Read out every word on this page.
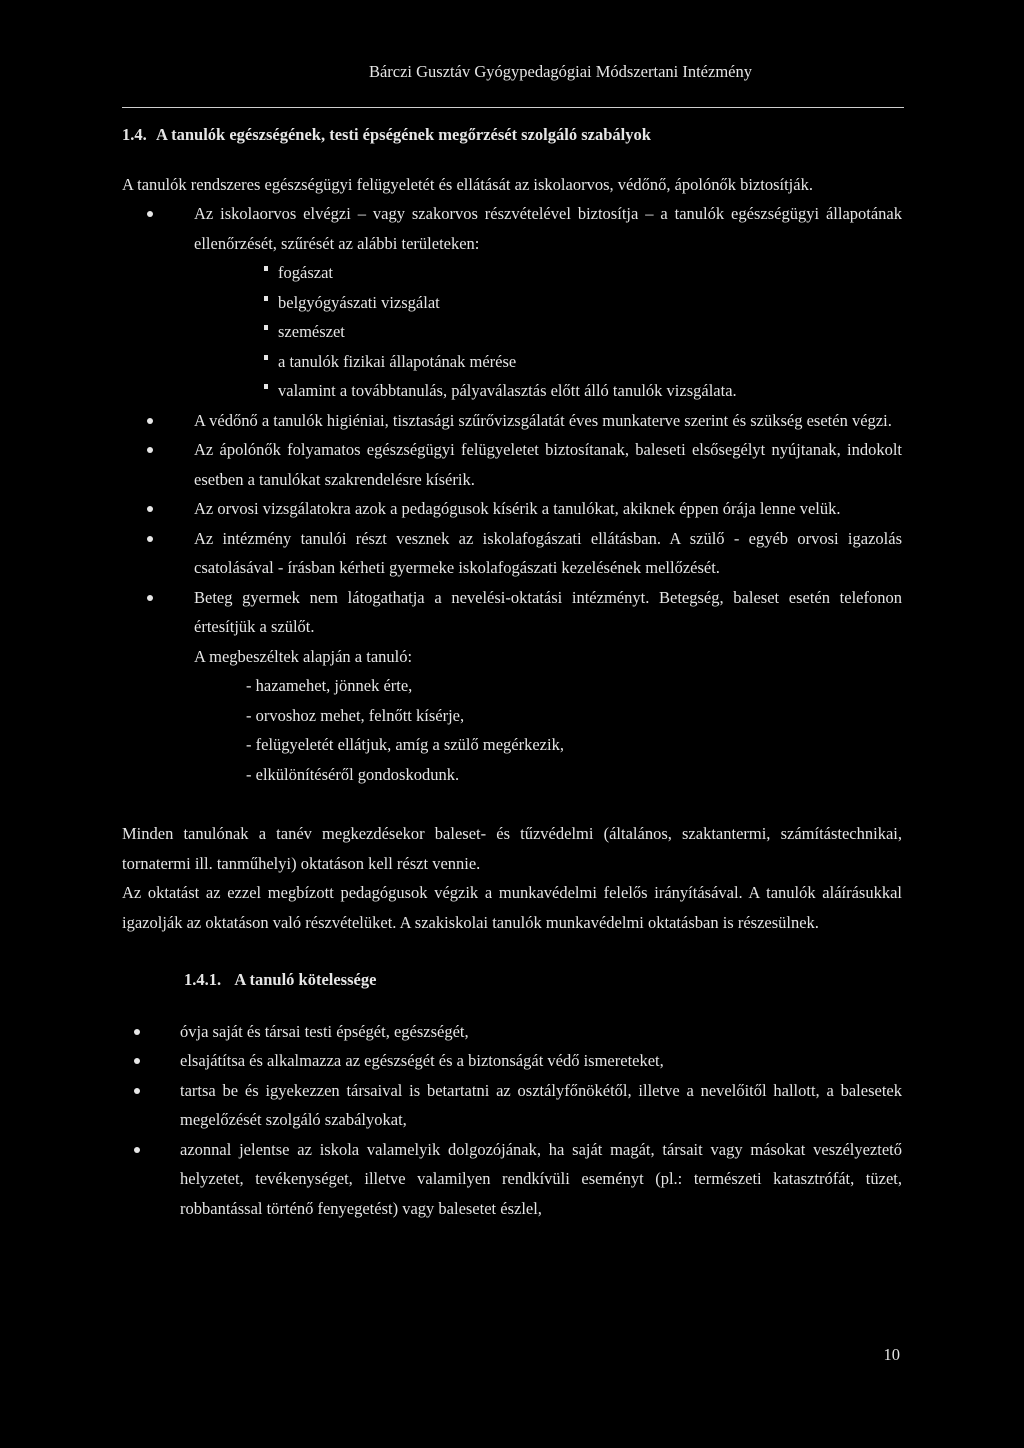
Bárczi Gusztáv Gyógypedagógiai Módszertani Intézmény
1.4. A tanulók egészségének, testi épségének megőrzését szolgáló szabályok

A tanulók rendszeres egészségügyi felügyeletét és ellátását az iskolaorvos, védőnő, ápolónők biztosítják.

Az iskolaorvos elvégzi – vagy szakorvos részvételével biztosítja – a tanulók egészségügyi állapotának ellenőrzését, szűrését az alábbi területeken:
fogászat
belgyógyászati vizsgálat
szemészet
a tanulók fizikai állapotának mérése
valamint a továbbtanulás, pályaválasztás előtt álló tanulók vizsgálata.
A védőnő a tanulók higiéniai, tisztasági szűrővizsgálatát éves munkaterve szerint és szükség esetén végzi.
Az ápolónők folyamatos egészségügyi felügyeletet biztosítanak, baleseti elsősegélyt nyújtanak, indokolt esetben a tanulókat szakrendelésre kísérik.
Az orvosi vizsgálatokra azok a pedagógusok kísérik a tanulókat, akiknek éppen órája lenne velük.
Az intézmény tanulói részt vesznek az iskolafogászati ellátásban. A szülő - egyéb orvosi igazolás csatolásával - írásban kérheti gyermeke iskolafogászati kezelésének mellőzését.
Beteg gyermek nem látogathatja a nevelési-oktatási intézményt. Betegség, baleset esetén telefonon értesítjük a szülőt.

A megbeszéltek alapján a tanuló:

- hazamehet, jönnek érte,
- orvoshoz mehet, felnőtt kísérje,
- felügyeletét ellátjuk, amíg a szülő megérkezik,
- elkülönítéséről gondoskodunk.

Minden tanulónak a tanév megkezdésekor baleset- és tűzvédelmi (általános, szaktantermi, számítástechnikai, tornatermi ill. tanműhelyi) oktatáson kell részt vennie.

Az oktatást az ezzel megbízott pedagógusok végzik a munkavédelmi felelős irányításával. A tanulók aláírásukkal igazolják az oktatáson való részvételüket. A szakiskolai tanulók munkavédelmi oktatásban is részesülnek.

1.4.1. A tanuló kötelessége
óvja saját és társai testi épségét, egészségét,
elsajátítsa és alkalmazza az egészségét és a biztonságát védő ismereteket,
tartsa be és igyekezzen társaival is betartatni az osztályfőnökétől, illetve a nevelőitől hallott, a balesetek megelőzését szolgáló szabályokat,
azonnal jelentse az iskola valamelyik dolgozójának, ha saját magát, társait vagy másokat veszélyeztető helyzetet, tevékenységet, illetve valamilyen rendkívüli eseményt (pl.: természeti katasztrófát, tüzet, robbantással történő fenyegetést) vagy balesetet észlel,
10
